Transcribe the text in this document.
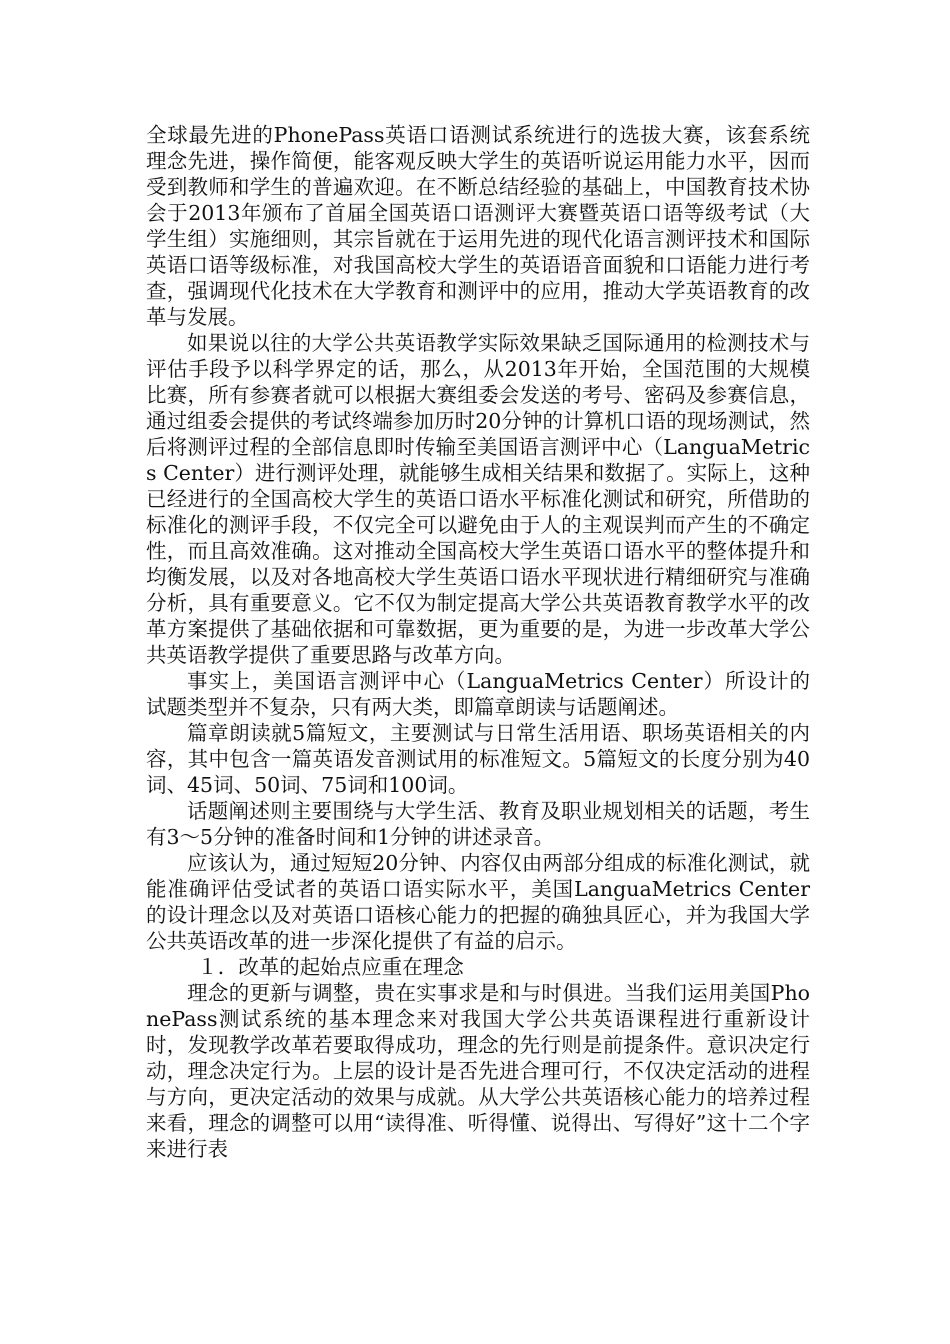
全球最先进的PhonePass英语口语测试系统进行的选拔大赛，该套系统理念先进，操作简便，能客观反映大学生的英语听说运用能力水平，因而受到教师和学生的普遍欢迎。在不断总结经验的基础上，中国教育技术协会于2013年颁布了首届全国英语口语测评大赛暨英语口语等级考试（大学生组）实施细则，其宗旨就在于运用先进的现代化语言测评技术和国际英语口语等级标准，对我国高校大学生的英语语音面貌和口语能力进行考查，强调现代化技术在大学教育和测评中的应用，推动大学英语教育的改革与发展。

如果说以往的大学公共英语教学实际效果缺乏国际通用的检测技术与评估手段予以科学界定的话，那么，从2013年开始，全国范围的大规模比赛，所有参赛者就可以根据大赛组委会发送的考号、密码及参赛信息，通过组委会提供的考试终端参加历时20分钟的计算机口语的现场测试，然后将测评过程的全部信息即时传输至美国语言测评中心（LanguaMetrics Center）进行测评处理，就能够生成相关结果和数据了。实际上，这种已经进行的全国高校大学生的英语口语水平标准化测试和研究，所借助的标准化的测评手段，不仅完全可以避免由于人的主观误判而产生的不确定性，而且高效准确。这对推动全国高校大学生英语口语水平的整体提升和均衡发展，以及对各地高校大学生英语口语水平现状进行精细研究与准确分析，具有重要意义。它不仅为制定提高大学公共英语教育教学水平的改革方案提供了基础依据和可靠数据，更为重要的是，为进一步改革大学公共英语教学提供了重要思路与改革方向。

事实上，美国语言测评中心（LanguaMetrics Center）所设计的试题类型并不复杂，只有两大类，即篇章朗读与话题阐述。

篇章朗读就5篇短文，主要测试与日常生活用语、职场英语相关的内容，其中包含一篇英语发音测试用的标准短文。5篇短文的长度分别为40词、45词、50词、75词和100词。

话题阐述则主要围绕与大学生活、教育及职业规划相关的话题，考生有3～5分钟的准备时间和1分钟的讲述录音。

应该认为，通过短短20分钟、内容仅由两部分组成的标准化测试，就能准确评估受试者的英语口语实际水平，美国LanguaMetrics Center的设计理念以及对英语口语核心能力的把握的确独具匠心，并为我国大学公共英语改革的进一步深化提供了有益的启示。

１．改革的起始点应重在理念

理念的更新与调整，贵在实事求是和与时俱进。当我们运用美国PhonePass测试系统的基本理念来对我国大学公共英语课程进行重新设计时，发现教学改革若要取得成功，理念的先行则是前提条件。意识决定行动，理念决定行为。上层的设计是否先进合理可行，不仅决定活动的进程与方向，更决定活动的效果与成就。从大学公共英语核心能力的培养过程来看，理念的调整可以用“读得准、听得懂、说得出、写得好”这十二个字来进行表
